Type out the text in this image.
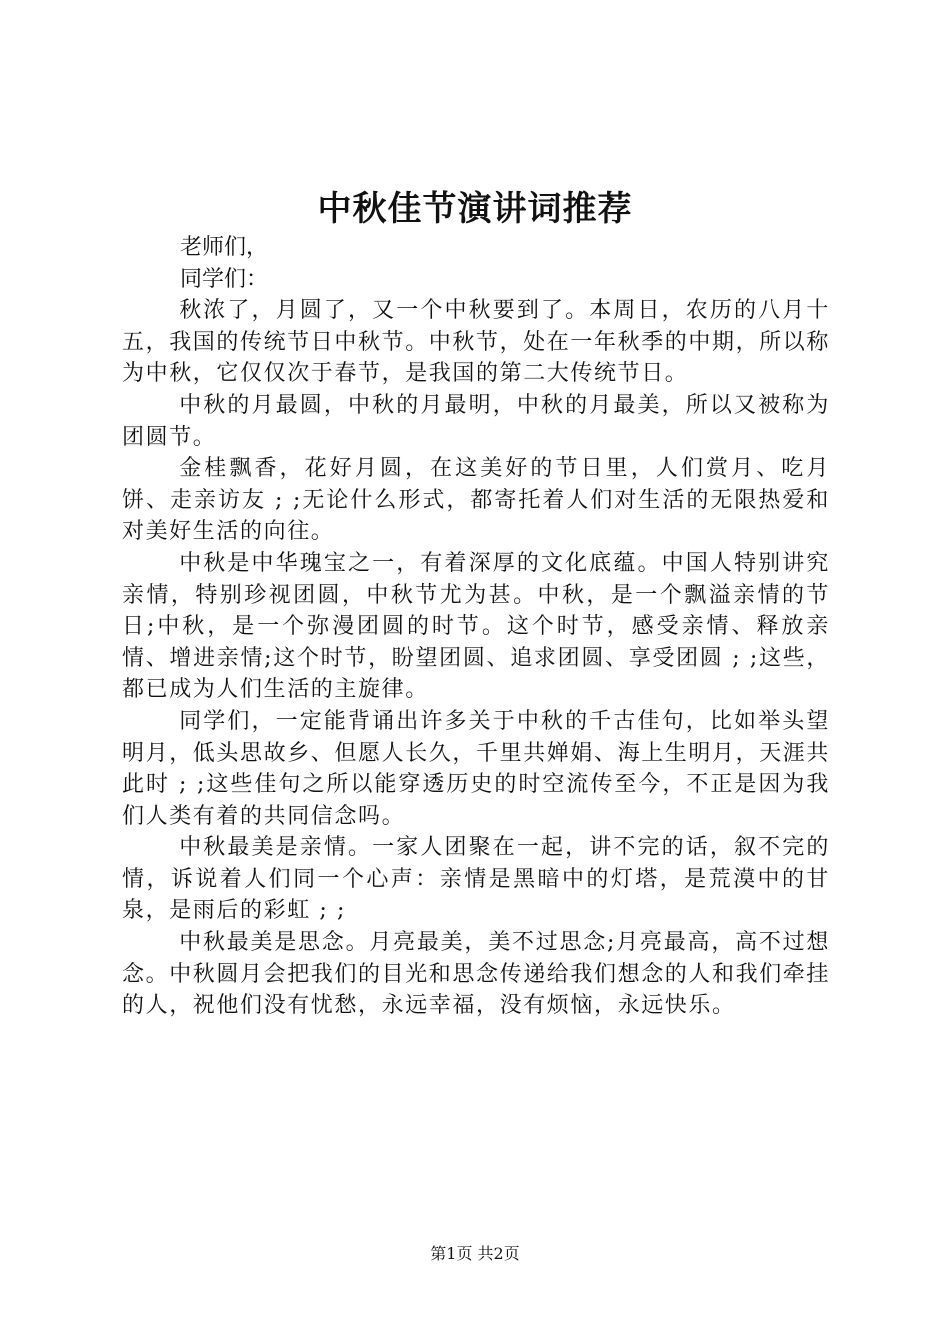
中秋佳节演讲词推荐

老师们，

同学们：

秋浓了，月圆了，又一个中秋要到了。本周日，农历的八月十五，我国的传统节日中秋节。中秋节，处在一年秋季的中期，所以称为中秋，它仅仅次于春节，是我国的第二大传统节日。

中秋的月最圆，中秋的月最明，中秋的月最美，所以又被称为团圆节。

金桂飘香，花好月圆，在这美好的节日里，人们赏月、吃月饼、走亲访友 ; ;无论什么形式，都寄托着人们对生活的无限热爱和对美好生活的向往。

中秋是中华瑰宝之一，有着深厚的文化底蕴。中国人特别讲究亲情，特别珍视团圆，中秋节尤为甚。中秋，是一个飘溢亲情的节日;中秋，是一个弥漫团圆的时节。这个时节，感受亲情、释放亲情、增进亲情;这个时节，盼望团圆、追求团圆、享受团圆 ; ;这些，都已成为人们生活的主旋律。

同学们，一定能背诵出许多关于中秋的千古佳句，比如举头望明月，低头思故乡、但愿人长久，千里共婵娟、海上生明月，天涯共此时 ; ;这些佳句之所以能穿透历史的时空流传至今，不正是因为我们人类有着的共同信念吗。

中秋最美是亲情。一家人团聚在一起，讲不完的话，叙不完的情，诉说着人们同一个心声：亲情是黑暗中的灯塔，是荒漠中的甘泉，是雨后的彩虹 ; ;

中秋最美是思念。月亮最美，美不过思念;月亮最高，高不过想念。中秋圆月会把我们的目光和思念传递给我们想念的人和我们牵挂的人，祝他们没有忧愁，永远幸福，没有烦恼，永远快乐。

第1页 共2页
